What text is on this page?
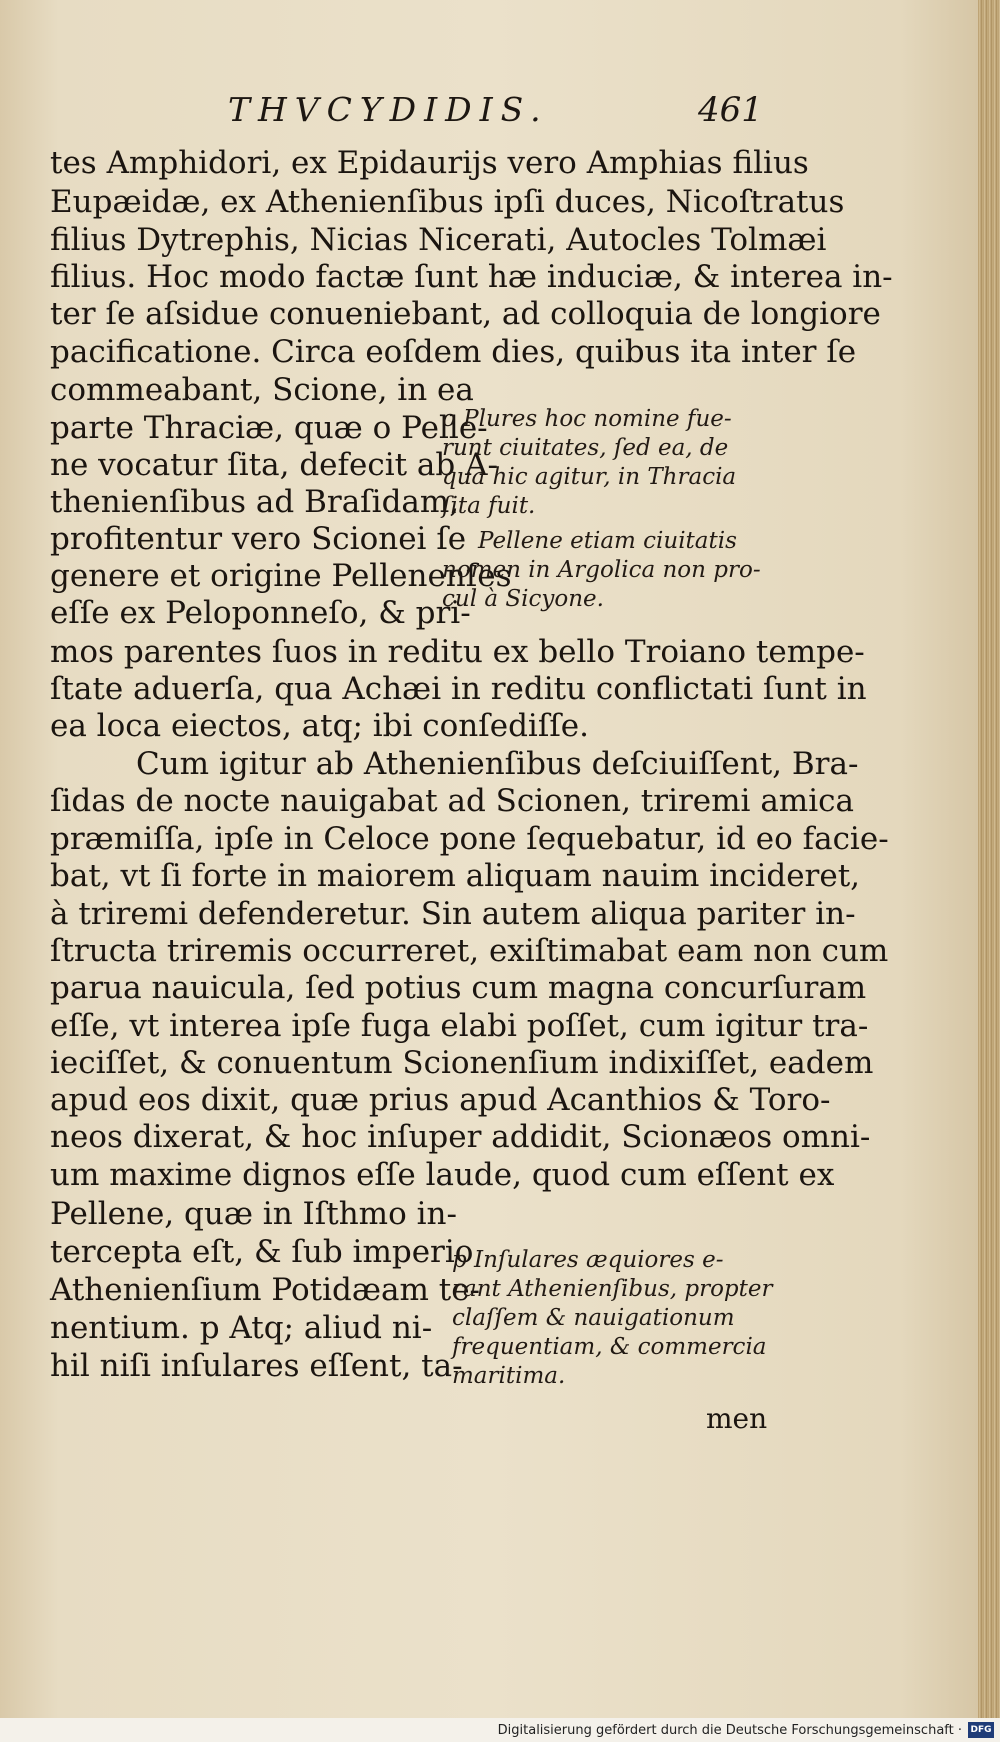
THVCYDIDIS.	461
tes Amphidori, ex Epidaurijs vero Amphias filius
Eupæidæ, ex Athenienſibus ipſi duces, Nicoſtratus
filius Dytrephis, Nicias Nicerati, Autocles Tolmæi
filius. Hoc modo factæ ſunt hæ induciæ, & interea in-
ter ſe aſsidue conueniebant, ad colloquia de longiore
pacificatione. Circa eoſdem dies, quibus ita inter ſe
commeabant, Scione, in ea
parte Thraciæ, quæ o Pelle-
ne vocatur ſita, defecit ab A-
thenienſibus ad Braſidam,
profitentur vero Scionei ſe
genere et origine Pellenenſes
eſſe ex Peloponneſo, & pri-
o Plures hoc nomine fue-
runt ciuitates, ſed ea, de
qua hic agitur, in Thracia
ſita fuit.
Pellene etiam ciuitatis
nomen in Argolica non pro-
cul à Sicyone.
mos parentes ſuos in reditu ex bello Troiano tempe-
ſtate aduerſa, qua Achæi in reditu conflictati ſunt in
ea loca eiectos, atq; ibi conſediſſe.
Cum igitur ab Athenienſibus deſciuiſſent, Bra-
ſidas de nocte nauigabat ad Scionen, triremi amica
præmiſſa, ipſe in Celoce pone ſequebatur, id eo facie-
bat, vt ſi forte in maiorem aliquam nauim incideret,
à triremi defenderetur. Sin autem aliqua pariter in-
ſtructa triremis occurreret, exiſtimabat eam non cum
parua nauicula, ſed potius cum magna concurſuram
eſſe, vt interea ipſe fuga elabi poſſet, cum igitur tra-
ieciſſet, & conuentum Scionenſium indixiſſet, eadem
apud eos dixit, quæ prius apud Acanthios & Toro-
neos dixerat, & hoc inſuper addidit, Scionæos omni-
um maxime dignos eſſe laude, quod cum eſſent ex
Pellene, quæ in Iſthmo in-
tercepta eſt, & ſub imperio
Athenienſium Potidæam te-
nentium. p Atq; aliud ni-
hil niſi inſulares eſſent, ta-
p Inſulares æquiores e-
rant Athenienſibus, propter
claſſem & nauigationum
frequentiam, & commercia
maritima.
men
Digitalisierung gefördert durch die Deutsche Forschungsgemeinschaft · DFG
